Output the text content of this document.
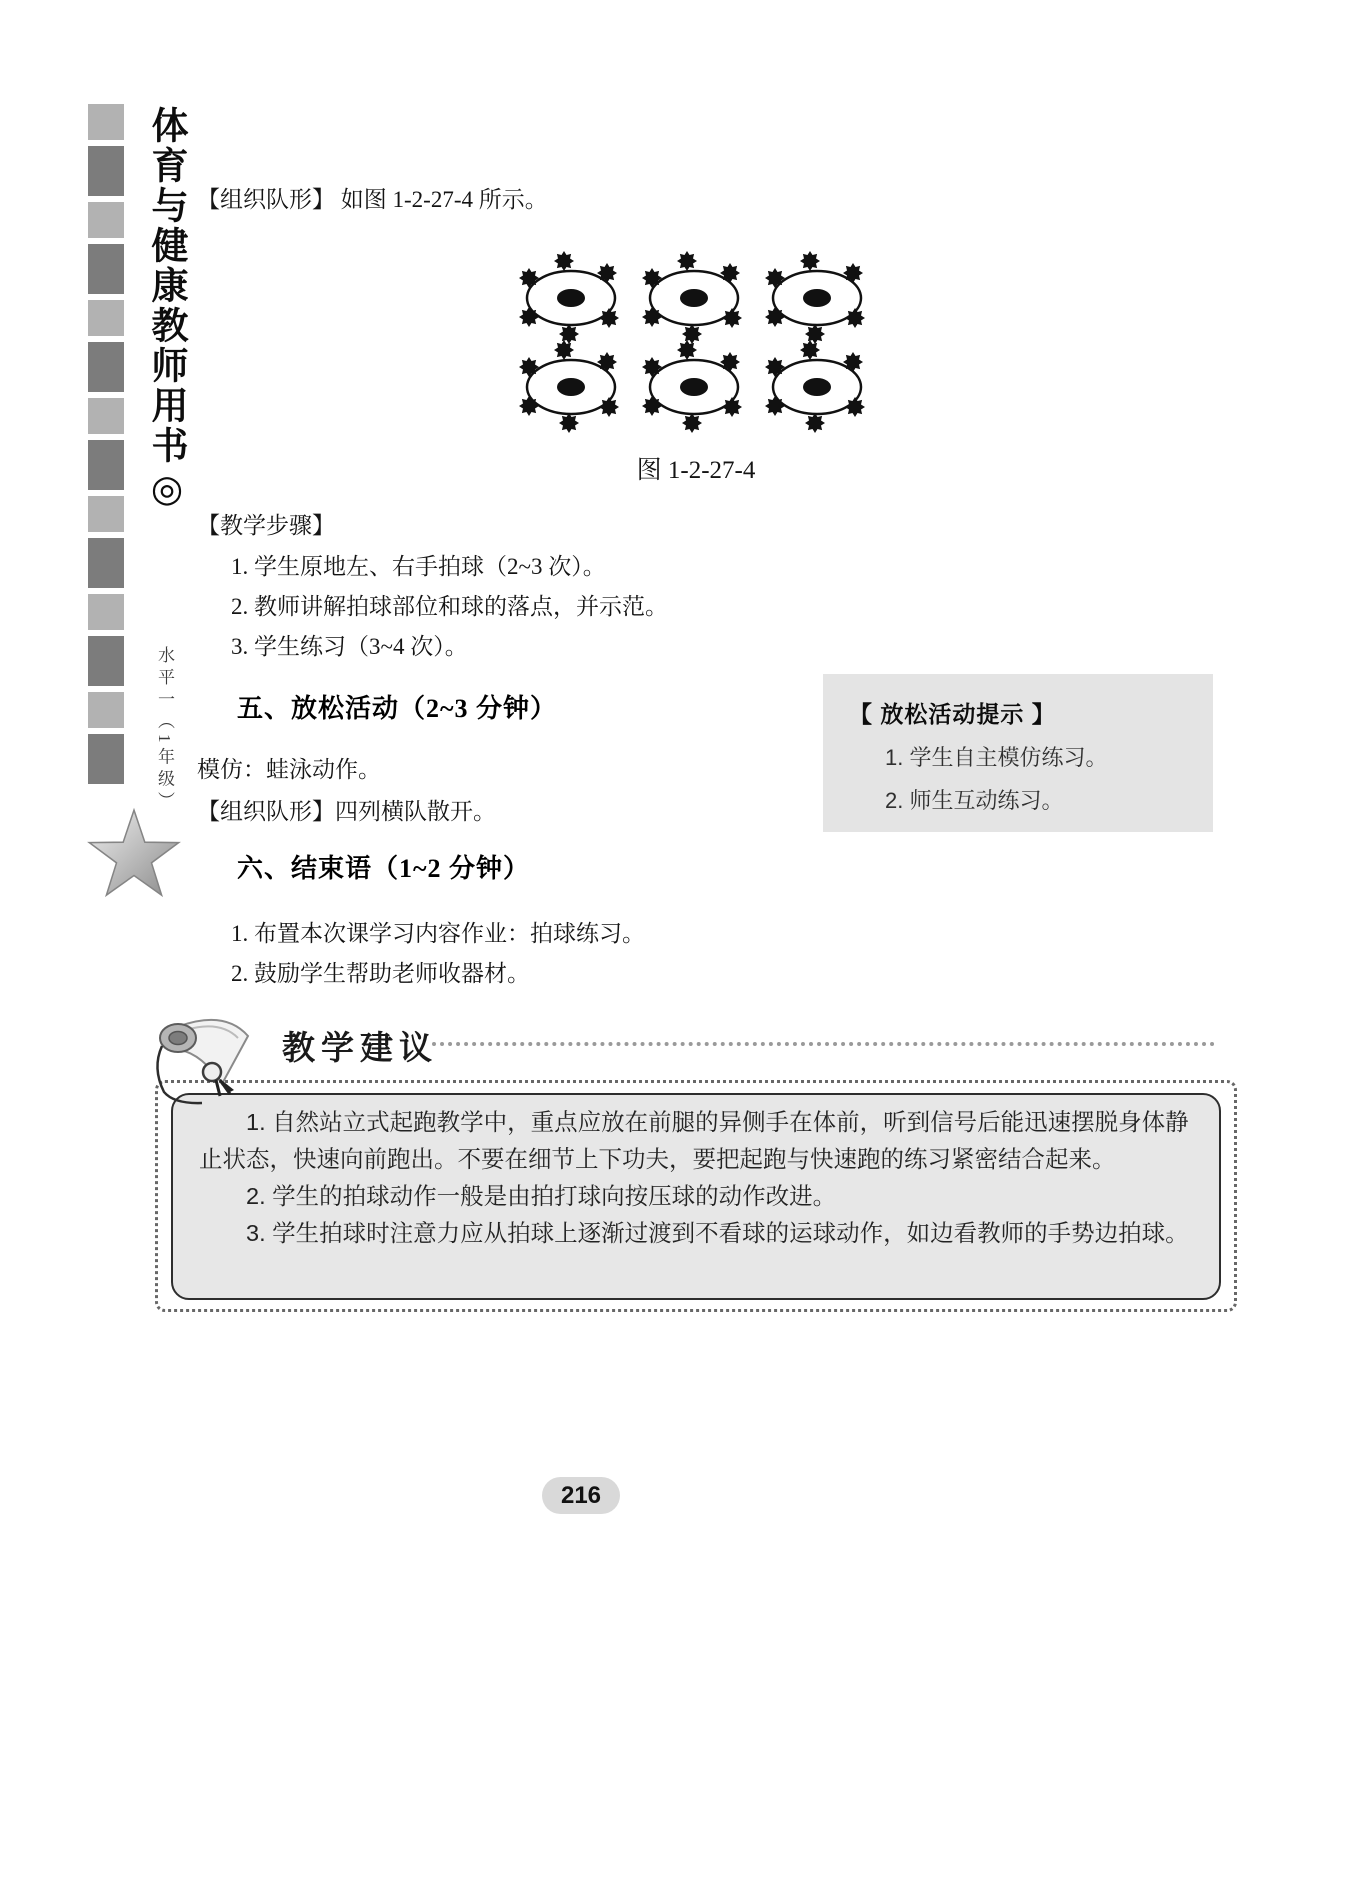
体育与健康教师用书◎
水平一（1年级）
【组织队形】 如图 1-2-27-4 所示。
图 1-2-27-4
【教学步骤】
1. 学生原地左、右手拍球（2~3 次）。
2. 教师讲解拍球部位和球的落点，并示范。
3. 学生练习（3~4 次）。
五、放松活动（2~3 分钟）	【 放松活动提示 】
1. 学生自主模仿练习。
2. 师生互动练习。
模仿：蛙泳动作。
【组织队形】四列横队散开。
六、结束语（1~2 分钟）
1. 布置本次课学习内容作业：拍球练习。
2. 鼓励学生帮助老师收器材。

1. 自然站立式起跑教学中，重点应放在前腿的异侧手在体前，听到信号后能迅速摆脱身体静止状态，快速向前跑出。不要在细节上下功夫，要把起跑与快速跑的练习紧密结合起来。

2. 学生的拍球动作一般是由拍打球向按压球的动作改进。

3. 学生拍球时注意力应从拍球上逐渐过渡到不看球的运球动作，如边看教师的手势边拍球。

教学建议
216
